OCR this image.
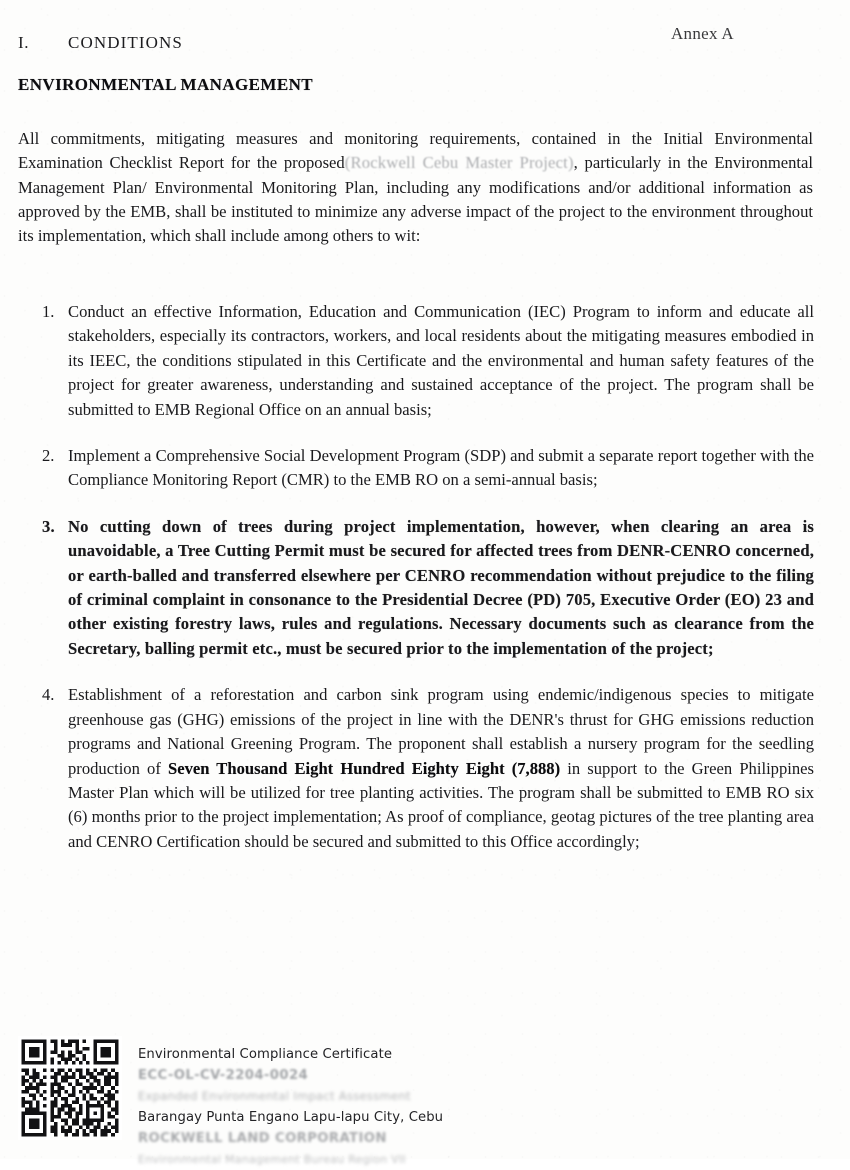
Annex A
I. CONDITIONS
ENVIRONMENTAL MANAGEMENT

All commitments, mitigating measures and monitoring requirements, contained in the Initial Environmental Examination Checklist Report for the proposed(Rockwell Cebu Master Project), particularly in the Environmental Management Plan/ Environmental Monitoring Plan, including any modifications and/or additional information as approved by the EMB, shall be instituted to minimize any adverse impact of the project to the environment throughout its implementation, which shall include among others to wit:

1. Conduct an effective Information, Education and Communication (IEC) Program to inform and educate all stakeholders, especially its contractors, workers, and local residents about the mitigating measures embodied in its IEEC, the conditions stipulated in this Certificate and the environmental and human safety features of the project for greater awareness, understanding and sustained acceptance of the project. The program shall be submitted to EMB Regional Office on an annual basis;
2. Implement a Comprehensive Social Development Program (SDP) and submit a separate report together with the Compliance Monitoring Report (CMR) to the EMB RO on a semi-annual basis;
3. No cutting down of trees during project implementation, however, when clearing an area is unavoidable, a Tree Cutting Permit must be secured for affected trees from DENR-CENRO concerned, or earth-balled and transferred elsewhere per CENRO recommendation without prejudice to the filing of criminal complaint in consonance to the Presidential Decree (PD) 705, Executive Order (EO) 23 and other existing forestry laws, rules and regulations. Necessary documents such as clearance from the Secretary, balling permit etc., must be secured prior to the implementation of the project;
4. Establishment of a reforestation and carbon sink program using endemic/indigenous species to mitigate greenhouse gas (GHG) emissions of the project in line with the DENR's thrust for GHG emissions reduction programs and National Greening Program. The proponent shall establish a nursery program for the seedling production of Seven Thousand Eight Hundred Eighty Eight (7,888) in support to the Green Philippines Master Plan which will be utilized for tree planting activities. The program shall be submitted to EMB RO six (6) months prior to the project implementation; As proof of compliance, geotag pictures of the tree planting area and CENRO Certification should be secured and submitted to this Office accordingly;
Environmental Compliance Certificate
ECC-OL-CV-2204-0024
Expanded Environmental Impact Assessment
Barangay Punta Engano Lapu-lapu City, Cebu
ROCKWELL LAND CORPORATION
Environmental Management Bureau Region VII
